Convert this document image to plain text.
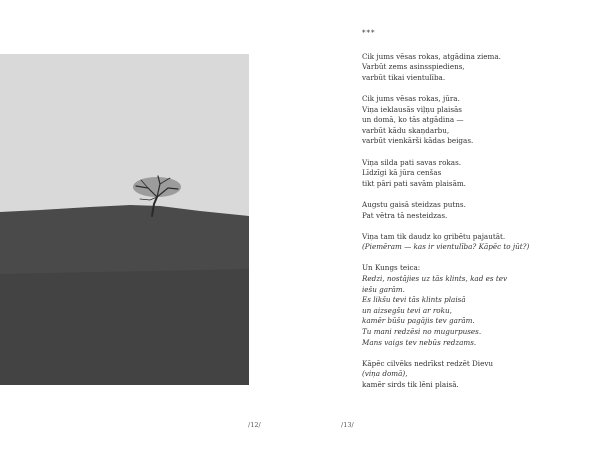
***
Cik jums vēsas rokas, atgādina ziema.
Varbūt zems asinsspiediens,
varbūt tikai vientulība.
Cik jums vēsas rokas, jūra.
Viņa ieklausās viļņu plaisās
un domā, ko tās atgādina —
varbūt kādu skaņdarbu,
varbūt vienkārši kādas beigas.
Viņa silda pati savas rokas.
Līdzīgi kā jūra cenšas
tikt pāri pati savām plaisām.
Augstu gaisā steidzas putns.
Pat vētra tā nesteidzas.
Viņa tam tik daudz ko gribētu pajautāt.
(Piemēram — kas ir vientulība? Kāpēc to jūt?)
Un Kungs teica:
Redzi, nostājies uz tās klints, kad es tev
iešu garām.
Es likšu tevi tās klints plaisā
un aizsegšu tevi ar roku,
kamēr būšu pagājis tev garām.
Tu mani redzēsi no mugurpuses.
Mans vaigs tev nebūs redzams.
Kāpēc cilvēks nedrīkst redzēt Dievu
(viņa domā),
kamēr sirds tik lēni plaisā.
/12/	/13/
